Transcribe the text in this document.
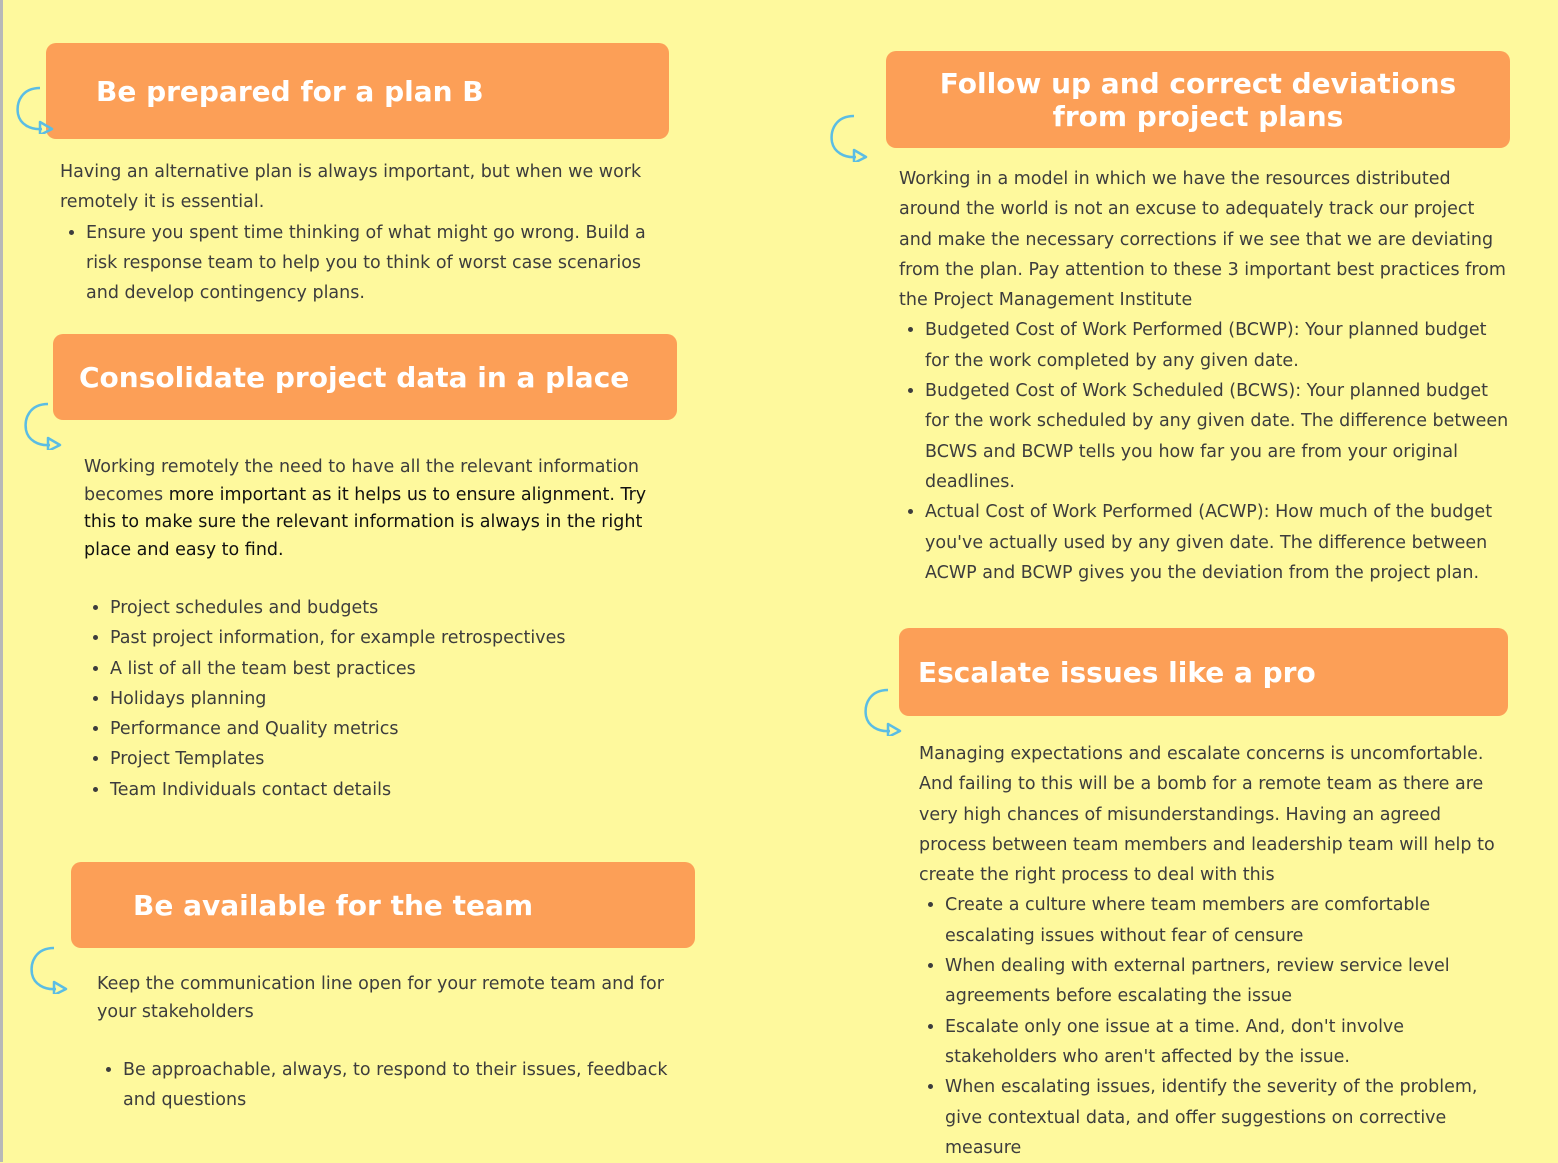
Be prepared for a plan B

Having an alternative plan is always important, but when we work remotely it is essential.

• Ensure you spent time thinking of what might go wrong. Build a risk response team to help you to think of worst case scenarios and develop contingency plans.
Consolidate project data in a place

Working remotely the need to have all the relevant information becomes more important as it helps us to ensure alignment. Try this to make sure the relevant information is always in the right place and easy to find.

• Project schedules and budgets
• Past project information, for example retrospectives
• A list of all the team best practices
• Holidays planning
• Performance and Quality metrics
• Project Templates
• Team Individuals contact details
Be available for the team

Keep the communication line open for your remote team and for your stakeholders

• Be approachable, always, to respond to their issues, feedback and questions
Follow up and correct deviations from project plans

Working in a model in which we have the resources distributed around the world is not an excuse to adequately track our project and make the necessary corrections if we see that we are deviating from the plan. Pay attention to these 3 important best practices from the Project Management Institute

• Budgeted Cost of Work Performed (BCWP): Your planned budget for the work completed by any given date.
• Budgeted Cost of Work Scheduled (BCWS): Your planned budget for the work scheduled by any given date. The difference between BCWS and BCWP tells you how far you are from your original deadlines.
• Actual Cost of Work Performed (ACWP): How much of the budget you've actually used by any given date. The difference between ACWP and BCWP gives you the deviation from the project plan.
Escalate issues like a pro

Managing expectations and escalate concerns is uncomfortable. And failing to this will be a bomb for a remote team as there are very high chances of misunderstandings. Having an agreed process between team members and leadership team will help to create the right process to deal with this

• Create a culture where team members are comfortable escalating issues without fear of censure
• When dealing with external partners, review service level agreements before escalating the issue
• Escalate only one issue at a time. And, don't involve stakeholders who aren't affected by the issue.
• When escalating issues, identify the severity of the problem, give contextual data, and offer suggestions on corrective measure
